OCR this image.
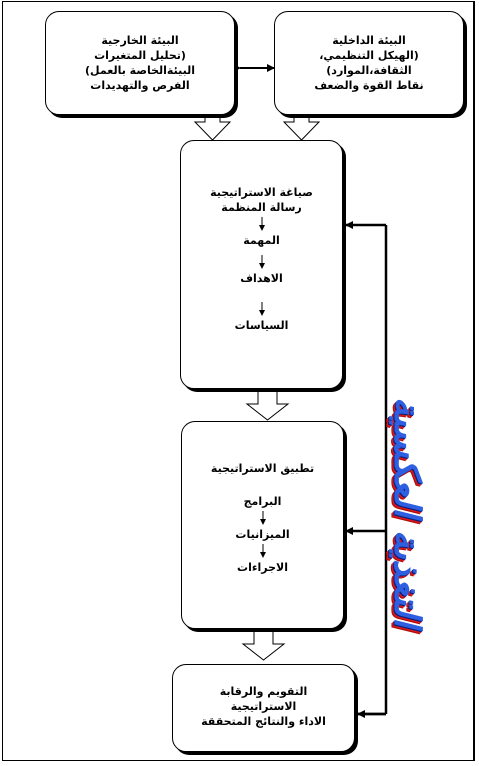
البيئة الخارجية
(تحليل المتغيرات
البيئةالخاصة بالعمل)
الفرص والتهديدات
البيئة الداخلية
(الهيكل التنظيمي،
الثقافة،الموارد)
نقاط القوة والضعف
صياغة الاستراتيجية
رسالة المنظمة
المهمة
الاهداف
السياسات
تطبيق الاستراتيجية
البرامج
الميزانيات
الاجراءات
التقويم والرقابة
الاستراتيجية
الاداء والنتائج المتحققة
التغذية العكسية
